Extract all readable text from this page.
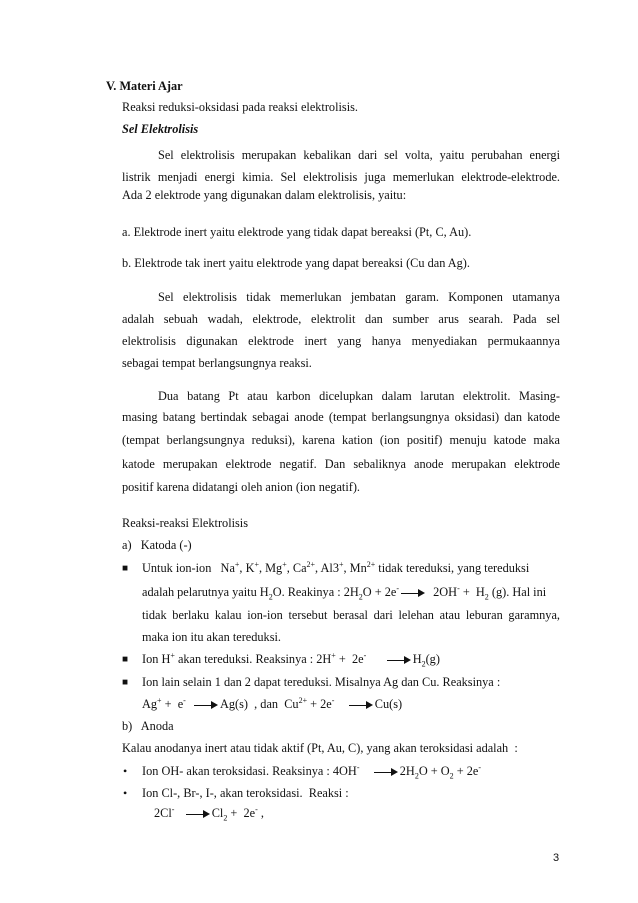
V. Materi Ajar
Reaksi reduksi-oksidasi pada reaksi elektrolisis.
Sel Elektrolisis
Sel elektrolisis merupakan kebalikan dari sel volta, yaitu perubahan energi
listrik menjadi energi kimia. Sel elektrolisis juga memerlukan elektrode-elektrode.
Ada 2 elektrode yang digunakan dalam elektrolisis, yaitu:
a. Elektrode inert yaitu elektrode yang tidak dapat bereaksi (Pt, C, Au).
b. Elektrode tak inert yaitu elektrode yang dapat bereaksi (Cu dan Ag).
Sel elektrolisis tidak memerlukan jembatan garam. Komponen utamanya
adalah sebuah wadah, elektrode, elektrolit dan sumber arus searah. Pada sel
elektrolisis digunakan elektrode inert yang hanya menyediakan permukaannya
sebagai tempat berlangsungnya reaksi.
Dua batang Pt atau karbon dicelupkan dalam larutan elektrolit. Masing-
masing batang bertindak sebagai anode (tempat berlangsungnya oksidasi) dan katode
(tempat berlangsungnya reduksi), karena kation (ion positif) menuju katode maka
katode merupakan elektrode negatif. Dan sebaliknya anode merupakan elektrode
positif karena didatangi oleh anion (ion negatif).
Reaksi-reaksi Elektrolisis
a)   Katoda (-)
■ Untuk ion-ion   Na+, K+, Mg+, $Ca^{2+}$, Al3+, $Mn^{2+}$ tidak tereduksi, yang tereduksi
adalah pelarutnya yaitu $H_2O$. Reakinya : $2H_2O + 2e^-$	$2OH^- + H_2$ (g). Hal ini
tidak berlaku kalau ion-ion tersebut berasal dari lelehan atau leburan garamnya,
maka ion itu akan tereduksi.
■ Ion H+ akan tereduksi. Reaksinya : 2H+ +  2e-	$H_2(g)$
■ Ion lain selain 1 dan 2 dapat tereduksi. Misalnya Ag dan Cu. Reaksinya :
Ag+ +  e-	Ag(s)  , dan  $Cu^{2+} + 2e^-$	Cu(s)
b)   Anoda
Kalau anodanya inert atau tidak aktif (Pt, Au, C), yang akan teroksidasi adalah  :
• Ion OH- akan teroksidasi. Reaksinya : 4OH-	$2H_2O + O_2 + 2e^-$
• Ion Cl-, Br-, I-, akan teroksidasi.  Reaksi :
2Cl-	$Cl_2 + 2e^-$ ,
3
